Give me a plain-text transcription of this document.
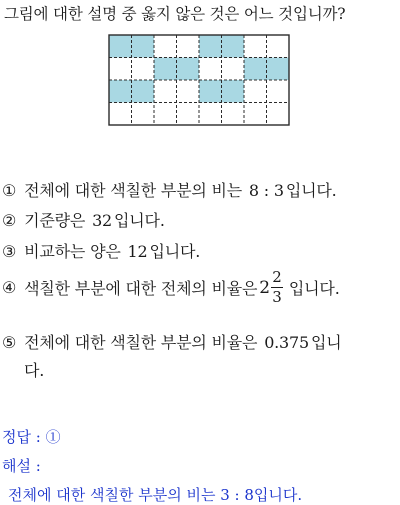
그림에 대한 설명 중 옳지 않은 것은 어느 것입니까?
① 전체에 대한 색칠한 부분의 비는 8 : 3 입니다.
② 기준량은 32 입니다.
③ 비교하는 양은 12 입니다.
④ 색칠한 부분에 대한 전체의 비율은 $2 \frac{2}{3}$ 입니다.
⑤ 전체에 대한 색칠한 부분의 비율은 0.375 입니
다.
정답 : ①
해설 :
전체에 대한 색칠한 부분의 비는 3 : 8입니다.
